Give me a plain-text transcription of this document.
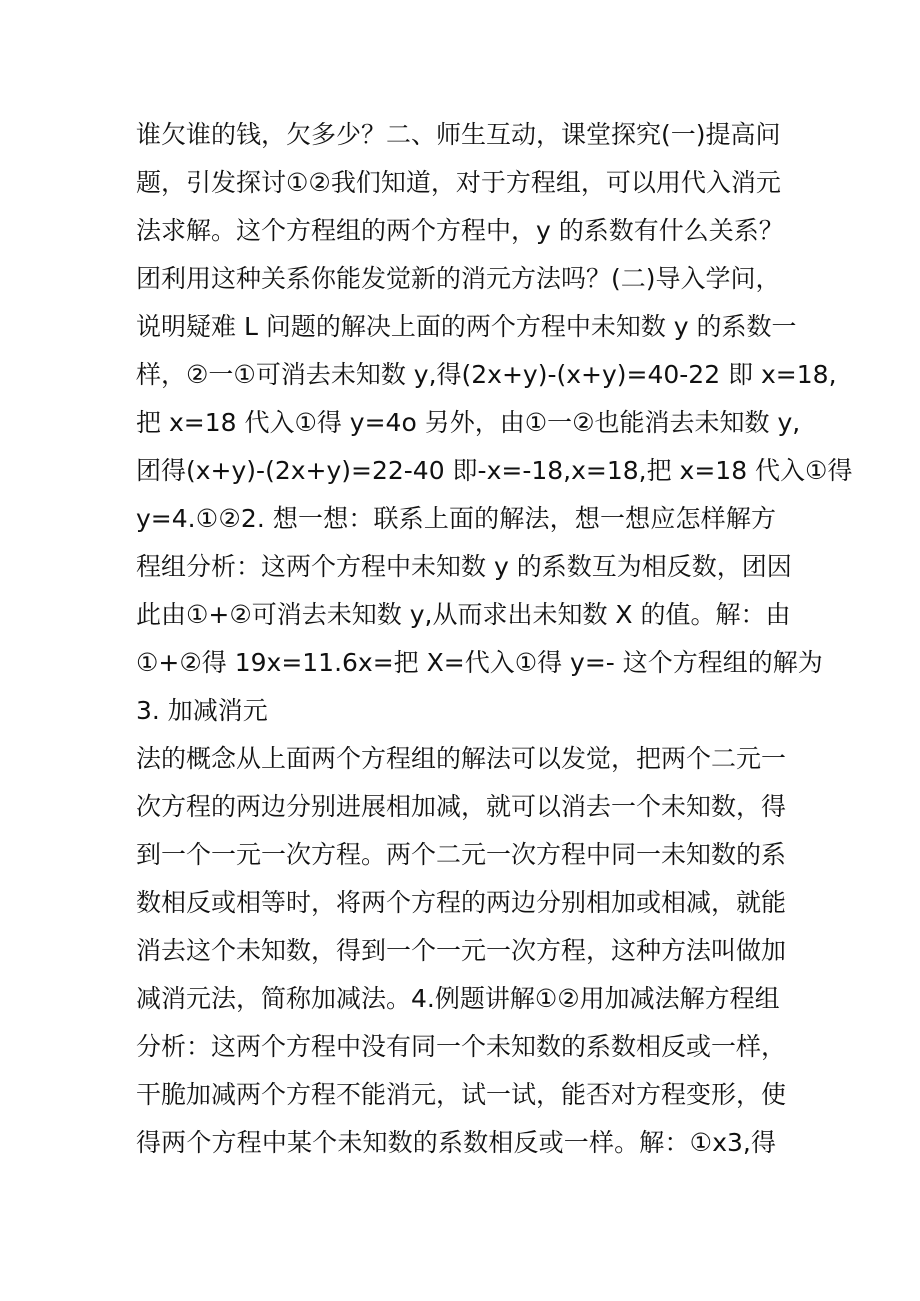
谁欠谁的钱，欠多少？二、师生互动，课堂探究(一)提高问
题，引发探讨①②我们知道，对于方程组，可以用代入消元
法求解。这个方程组的两个方程中，y 的系数有什么关系？
团利用这种关系你能发觉新的消元方法吗？(二)导入学问，
说明疑难 L 问题的解决上面的两个方程中未知数 y 的系数一
样，②一①可消去未知数 y,得(2x+y)-(x+y)=40-22 即 x=18,
把 x=18 代入①得 y=4o 另外，由①一②也能消去未知数 y,
团得(x+y)-(2x+y)=22-40 即-x=-18,x=18,把 x=18 代入①得
y=4.①②2. 想一想：联系上面的解法，想一想应怎样解方
程组分析：这两个方程中未知数 y 的系数互为相反数，团因
此由①+②可消去未知数 y,从而求出未知数 X 的值。解：由
①+②得 19x=11.6x=把 X=代入①得 y=- 这个方程组的解为
3. 加减消元
法的概念从上面两个方程组的解法可以发觉，把两个二元一
次方程的两边分别进展相加减，就可以消去一个未知数，得
到一个一元一次方程。两个二元一次方程中同一未知数的系
数相反或相等时，将两个方程的两边分别相加或相减，就能
消去这个未知数，得到一个一元一次方程，这种方法叫做加
减消元法，简称加减法。4.例题讲解①②用加减法解方程组
分析：这两个方程中没有同一个未知数的系数相反或一样，
干脆加减两个方程不能消元，试一试，能否对方程变形，使
得两个方程中某个未知数的系数相反或一样。解：①x3,得
